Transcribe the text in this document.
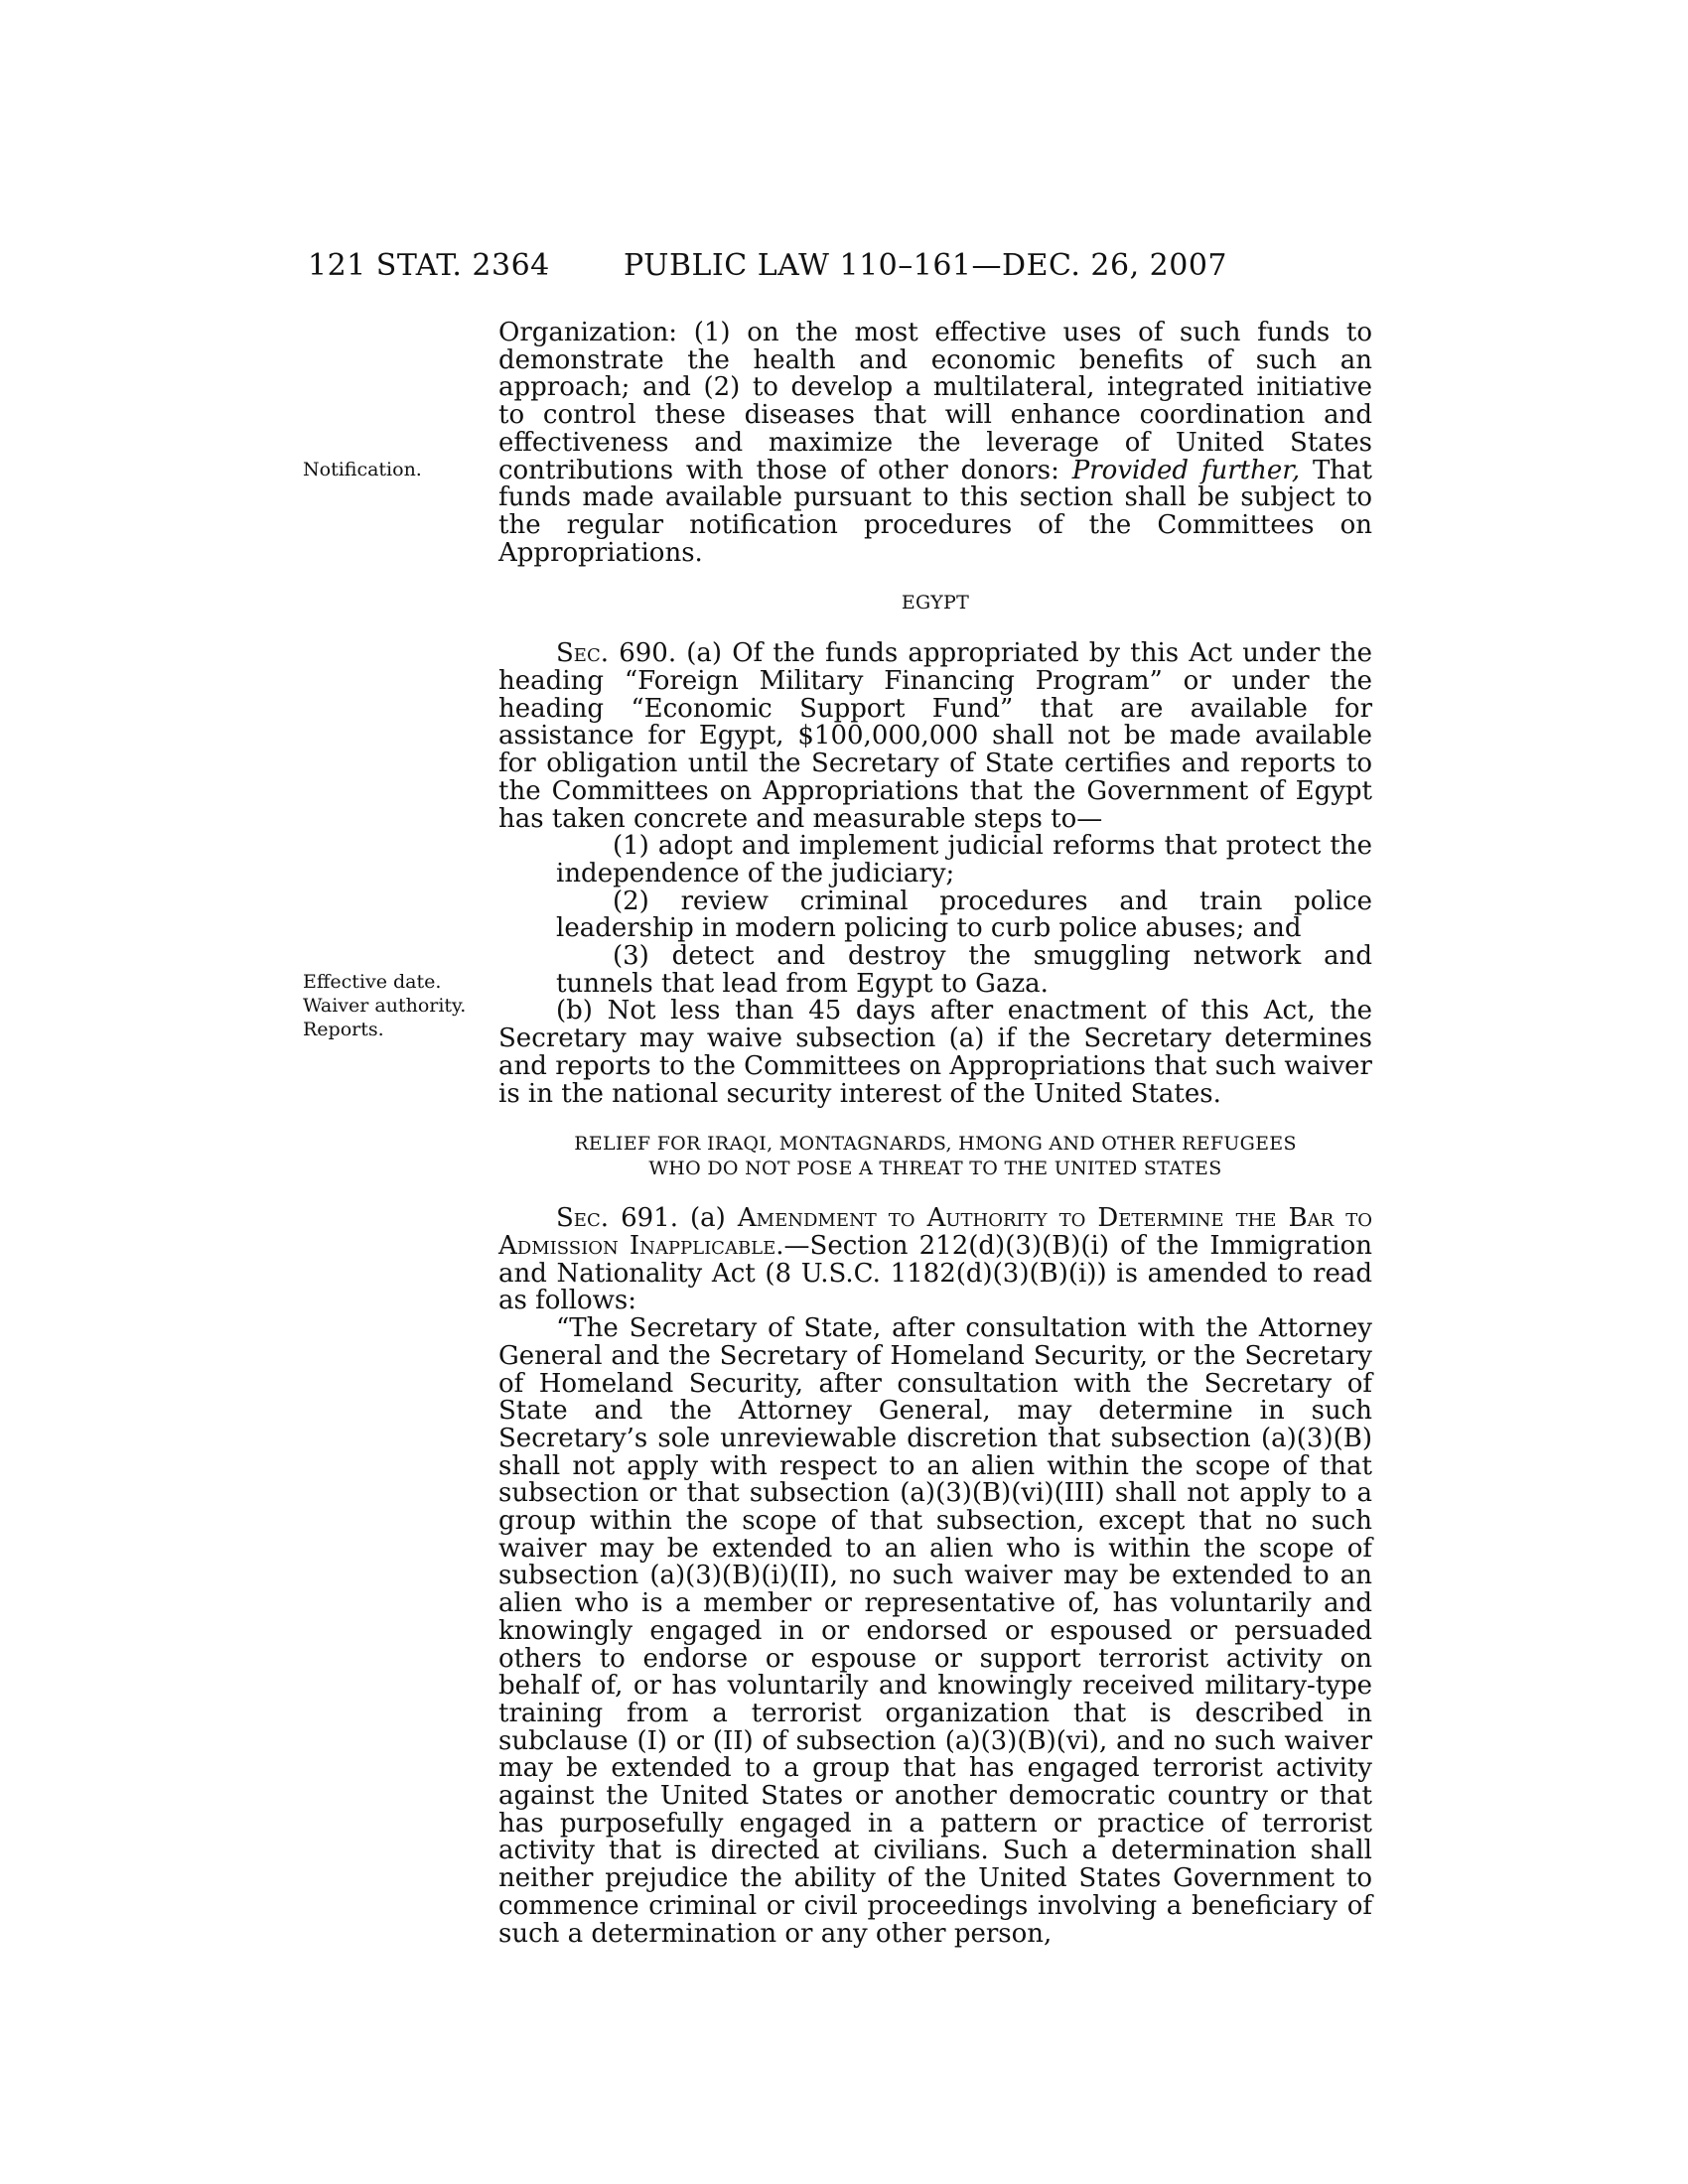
121 STAT. 2364 PUBLIC LAW 110–161—DEC. 26, 2007
Notification.
Effective date.
Waiver authority.
Reports.

Organization: (1) on the most effective uses of such funds to demonstrate the health and economic benefits of such an approach; and (2) to develop a multilateral, integrated initiative to control these diseases that will enhance coordination and effectiveness and maximize the leverage of United States contributions with those of other donors: Provided further, That funds made available pursuant to this section shall be subject to the regular notification procedures of the Committees on Appropriations.

EGYPT

Sec. 690. (a) Of the funds appropriated by this Act under the heading “Foreign Military Financing Program” or under the heading “Economic Support Fund” that are available for assistance for Egypt, $100,000,000 shall not be made available for obligation until the Secretary of State certifies and reports to the Committees on Appropriations that the Government of Egypt has taken concrete and measurable steps to—

(1) adopt and implement judicial reforms that protect the independence of the judiciary;

(2) review criminal procedures and train police leadership in modern policing to curb police abuses; and

(3) detect and destroy the smuggling network and tunnels that lead from Egypt to Gaza.

(b) Not less than 45 days after enactment of this Act, the Secretary may waive subsection (a) if the Secretary determines and reports to the Committees on Appropriations that such waiver is in the national security interest of the United States.

RELIEF FOR IRAQI, MONTAGNARDS, HMONG AND OTHER REFUGEES
WHO DO NOT POSE A THREAT TO THE UNITED STATES

Sec. 691. (a) Amendment to Authority to Determine the Bar to Admission Inapplicable.—Section 212(d)(3)(B)(i) of the Immigration and Nationality Act (8 U.S.C. 1182(d)(3)(B)(i)) is amended to read as follows:

“The Secretary of State, after consultation with the Attorney General and the Secretary of Homeland Security, or the Secretary of Homeland Security, after consultation with the Secretary of State and the Attorney General, may determine in such Secretary’s sole unreviewable discretion that subsection (a)(3)(B) shall not apply with respect to an alien within the scope of that subsection or that subsection (a)(3)(B)(vi)(III) shall not apply to a group within the scope of that subsection, except that no such waiver may be extended to an alien who is within the scope of subsection (a)(3)(B)(i)(II), no such waiver may be extended to an alien who is a member or representative of, has voluntarily and knowingly engaged in or endorsed or espoused or persuaded others to endorse or espouse or support terrorist activity on behalf of, or has voluntarily and knowingly received military-type training from a terrorist organization that is described in subclause (I) or (II) of subsection (a)(3)(B)(vi), and no such waiver may be extended to a group that has engaged terrorist activity against the United States or another democratic country or that has purposefully engaged in a pattern or practice of terrorist activity that is directed at civilians. Such a determination shall neither prejudice the ability of the United States Government to commence criminal or civil proceedings involving a beneficiary of such a determination or any other person,
